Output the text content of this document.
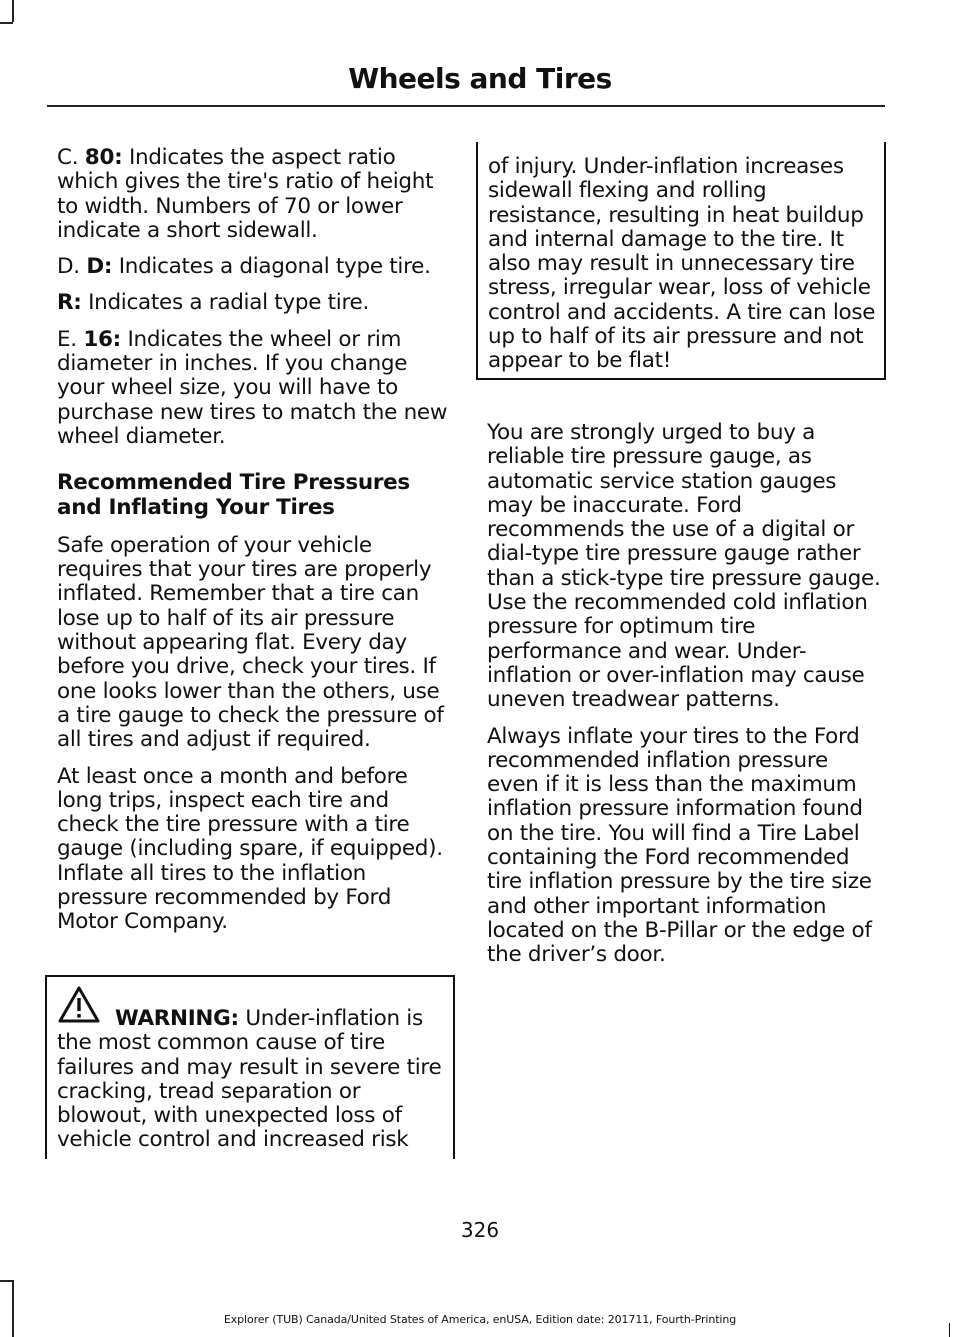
Wheels and Tires

C. 80: Indicates the aspect ratio which gives the tire's ratio of height to width. Numbers of 70 or lower indicate a short sidewall.

D. D: Indicates a diagonal type tire.

R: Indicates a radial type tire.

E. 16: Indicates the wheel or rim diameter in inches. If you change your wheel size, you will have to purchase new tires to match the new wheel diameter.

Recommended Tire Pressures and Inflating Your Tires

Safe operation of your vehicle requires that your tires are properly inflated. Remember that a tire can lose up to half of its air pressure without appearing flat. Every day before you drive, check your tires. If one looks lower than the others, use a tire gauge to check the pressure of all tires and adjust if required.

At least once a month and before long trips, inspect each tire and check the tire pressure with a tire gauge (including spare, if equipped). Inflate all tires to the inflation pressure recommended by Ford Motor Company.

WARNING: Under-inflation is the most common cause of tire failures and may result in severe tire cracking, tread separation or blowout, with unexpected loss of vehicle control and increased risk

of injury. Under-inflation increases sidewall flexing and rolling resistance, resulting in heat buildup and internal damage to the tire. It also may result in unnecessary tire stress, irregular wear, loss of vehicle control and accidents. A tire can lose up to half of its air pressure and not appear to be flat!

You are strongly urged to buy a reliable tire pressure gauge, as automatic service station gauges may be inaccurate. Ford recommends the use of a digital or dial-type tire pressure gauge rather than a stick-type tire pressure gauge. Use the recommended cold inflation pressure for optimum tire performance and wear. Under-inflation or over-inflation may cause uneven treadwear patterns.

Always inflate your tires to the Ford recommended inflation pressure even if it is less than the maximum inflation pressure information found on the tire. You will find a Tire Label containing the Ford recommended tire inflation pressure by the tire size and other important information located on the B-Pillar or the edge of the driver’s door.

326
Explorer (TUB) Canada/United States of America, enUSA, Edition date: 201711, Fourth-Printing
